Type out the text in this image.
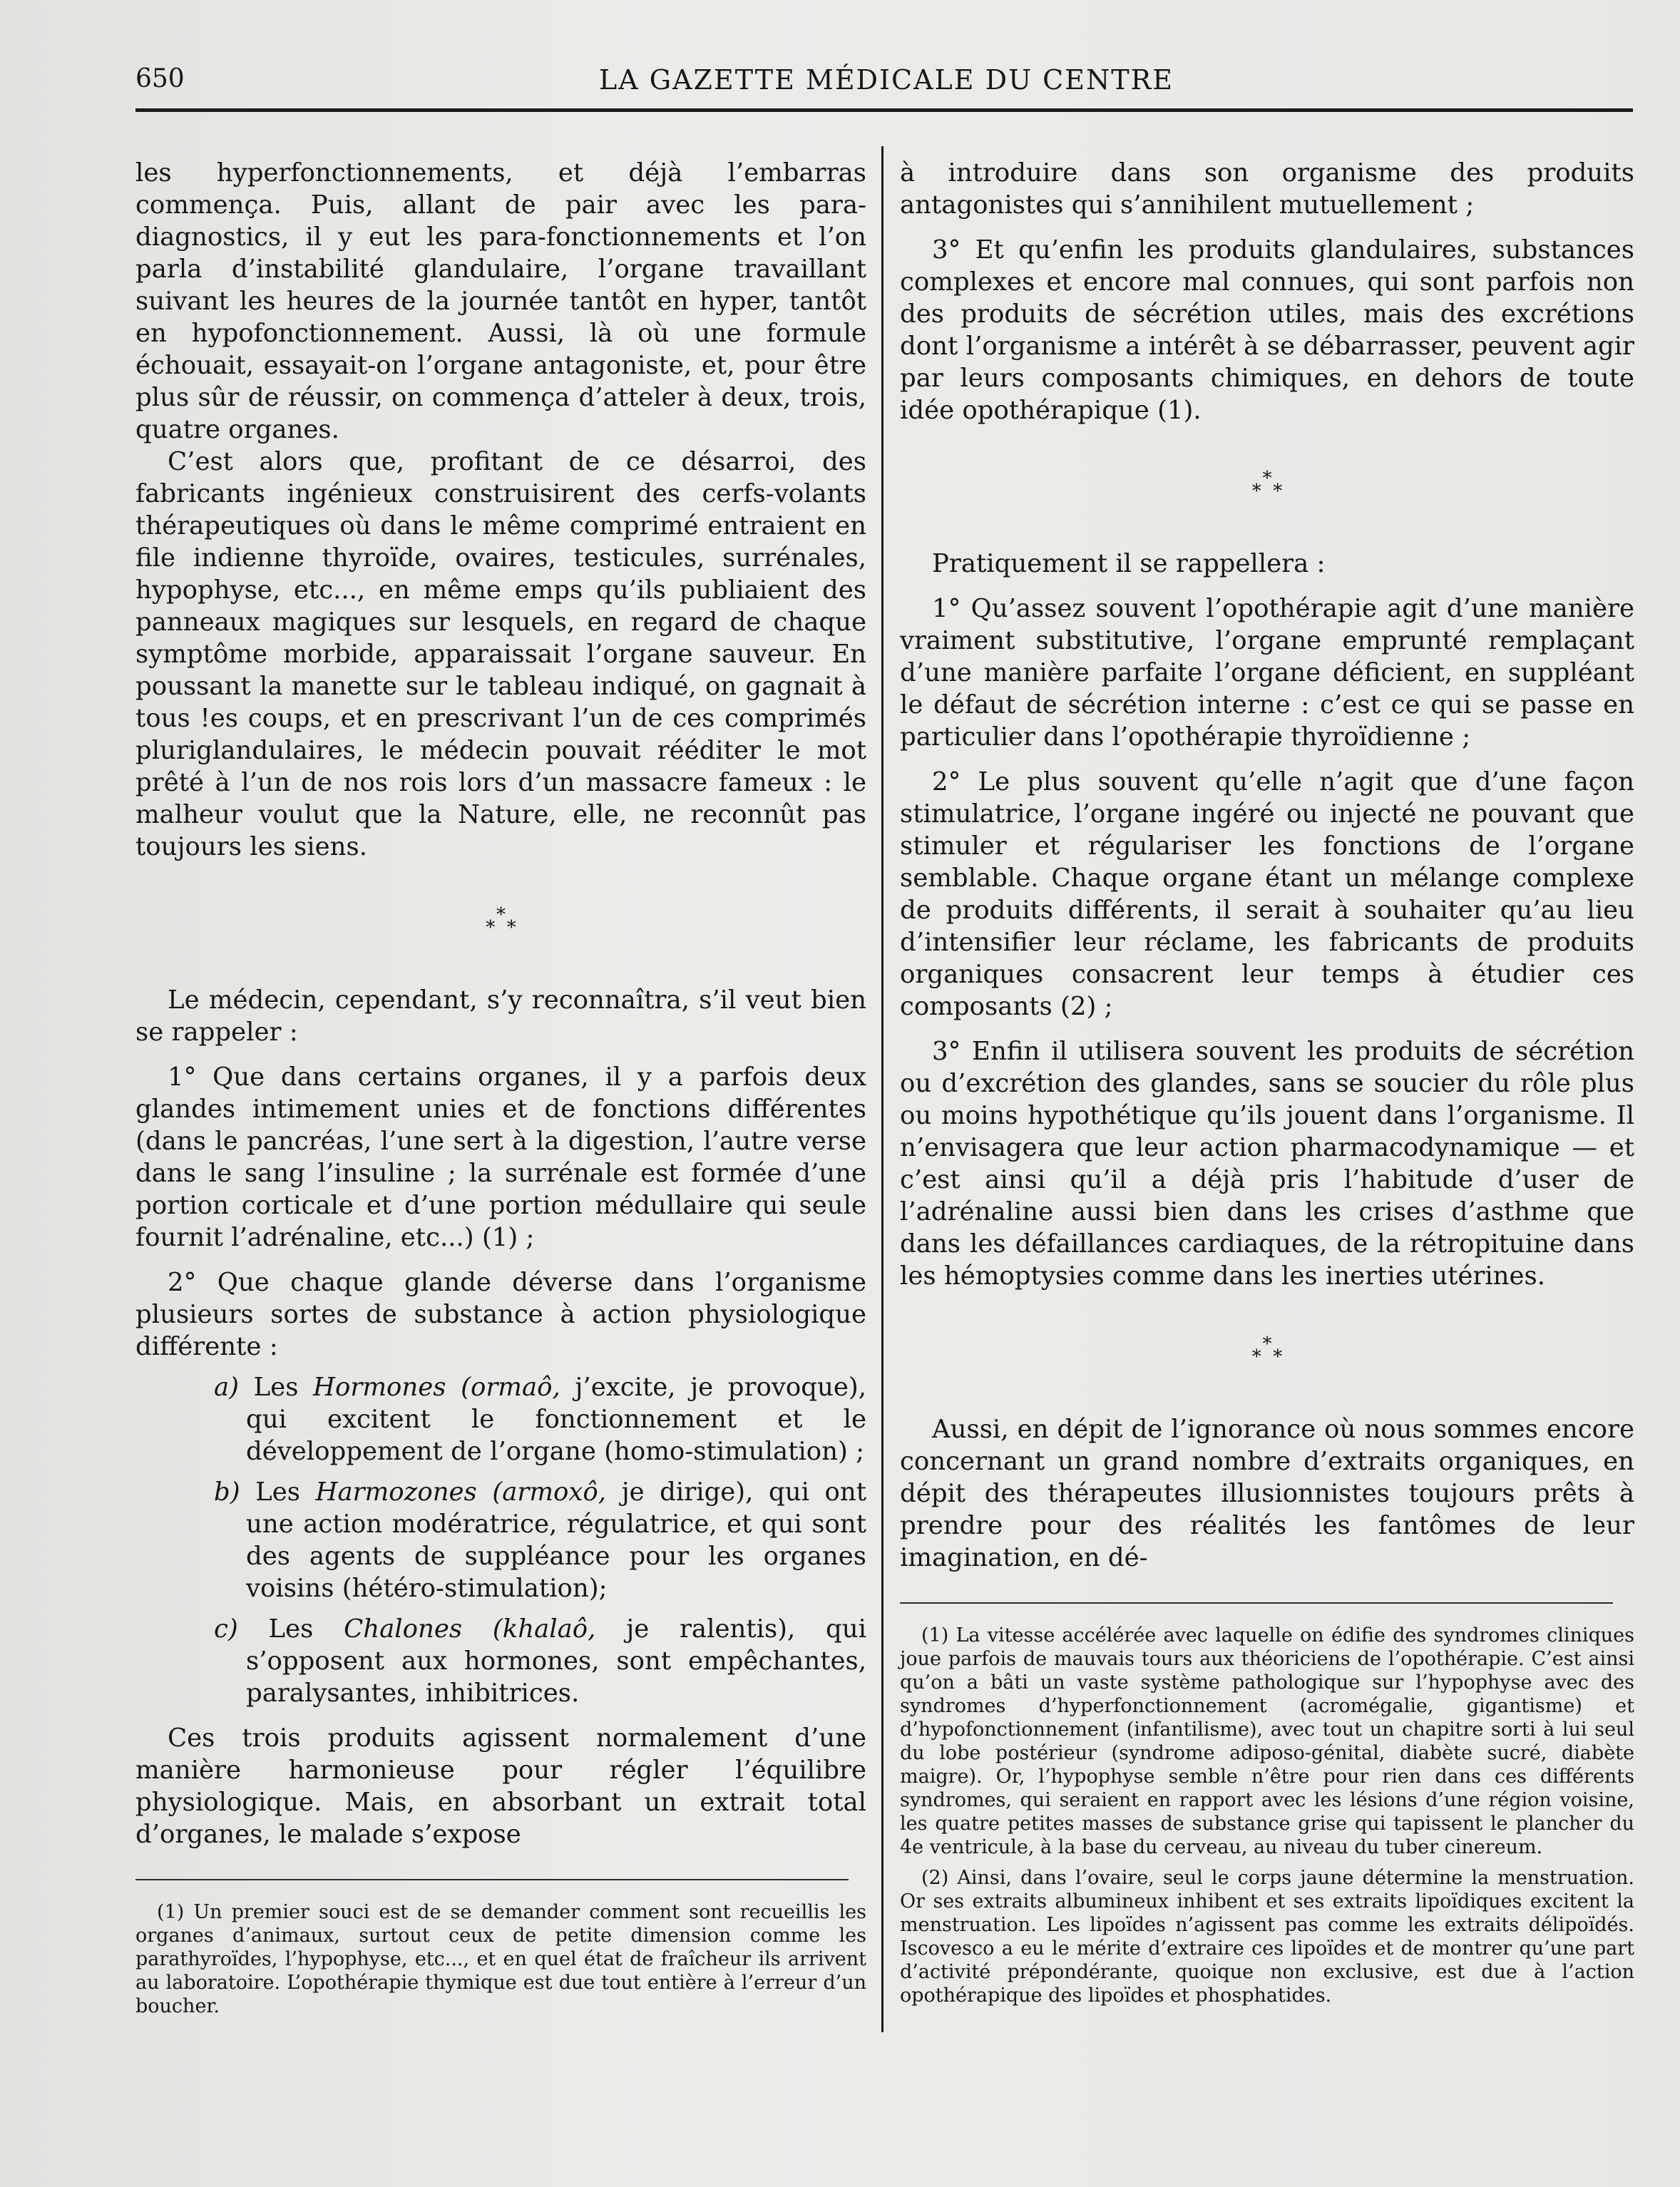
650	LA GAZETTE MÉDICALE DU CENTRE

les hyperfonctionnements, et déjà l’embarras commença. Puis, allant de pair avec les para-diagnostics, il y eut les para-fonctionnements et l’on parla d’instabilité glandulaire, l’organe travaillant suivant les heures de la journée tantôt en hyper, tantôt en hypofonctionnement. Aussi, là où une formule échouait, essayait-on l’organe antagoniste, et, pour être plus sûr de réussir, on commença d’atteler à deux, trois, quatre organes.

C’est alors que, profitant de ce désarroi, des fabricants ingénieux construisirent des cerfs-volants thérapeutiques où dans le même comprimé entraient en file indienne thyroïde, ovaires, testicules, surrénales, hypophyse, etc..., en même emps qu’ils publiaient des panneaux magiques sur lesquels, en regard de chaque symptôme morbide, apparaissait l’organe sauveur. En poussant la manette sur le tableau indiqué, on gagnait à tous !es coups, et en prescrivant l’un de ces comprimés pluriglandulaires, le médecin pouvait rééditer le mot prêté à l’un de nos rois lors d’un massacre fameux : le malheur voulut que la Nature, elle, ne reconnût pas toujours les siens.

*
* *

Le médecin, cependant, s’y reconnaîtra, s’il veut bien se rappeler :

1° Que dans certains organes, il y a parfois deux glandes intimement unies et de fonctions différentes (dans le pancréas, l’une sert à la digestion, l’autre verse dans le sang l’insuline ; la surrénale est formée d’une portion corticale et d’une portion médullaire qui seule fournit l’adrénaline, etc...) (1) ;

2° Que chaque glande déverse dans l’organisme plusieurs sortes de substance à action physiologique différente :

a) Les Hormones (ormaô, j’excite, je provoque), qui excitent le fonctionnement et le développement de l’organe (homo-stimulation) ;

b) Les Harmozones (armoxô, je dirige), qui ont une action modératrice, régulatrice, et qui sont des agents de suppléance pour les organes voisins (hétéro-stimulation);

c) Les Chalones (khalaô, je ralentis), qui s’opposent aux hormones, sont empêchantes, paralysantes, inhibitrices.

Ces trois produits agissent normalement d’une manière harmonieuse pour régler l’équilibre physiologique. Mais, en absorbant un extrait total d’organes, le malade s’expose

(1) Un premier souci est de se demander comment sont recueillis les organes d’animaux, surtout ceux de petite dimension comme les parathyroïdes, l’hypophyse, etc..., et en quel état de fraîcheur ils arrivent au laboratoire. L’opothérapie thymique est due tout entière à l’erreur d’un boucher.

à introduire dans son organisme des produits antagonistes qui s’annihilent mutuellement ;

3° Et qu’enfin les produits glandulaires, substances complexes et encore mal connues, qui sont parfois non des produits de sécrétion utiles, mais des excrétions dont l’organisme a intérêt à se débarrasser, peuvent agir par leurs composants chimiques, en dehors de toute idée opothérapique (1).

*
* *

Pratiquement il se rappellera :

1° Qu’assez souvent l’opothérapie agit d’une manière vraiment substitutive, l’organe emprunté remplaçant d’une manière parfaite l’organe déficient, en suppléant le défaut de sécrétion interne : c’est ce qui se passe en particulier dans l’opothérapie thyroïdienne ;

2° Le plus souvent qu’elle n’agit que d’une façon stimulatrice, l’organe ingéré ou injecté ne pouvant que stimuler et régulariser les fonctions de l’organe semblable. Chaque organe étant un mélange complexe de produits différents, il serait à souhaiter qu’au lieu d’intensifier leur réclame, les fabricants de produits organiques consacrent leur temps à étudier ces composants (2) ;

3° Enfin il utilisera souvent les produits de sécrétion ou d’excrétion des glandes, sans se soucier du rôle plus ou moins hypothétique qu’ils jouent dans l’organisme. Il n’envisagera que leur action pharmacodynamique — et c’est ainsi qu’il a déjà pris l’habitude d’user de l’adrénaline aussi bien dans les crises d’asthme que dans les défaillances cardiaques, de la rétropituine dans les hémoptysies comme dans les inerties utérines.

*
* *

Aussi, en dépit de l’ignorance où nous sommes encore concernant un grand nombre d’extraits organiques, en dépit des thérapeutes illusionnistes toujours prêts à prendre pour des réalités les fantômes de leur imagination, en dé-

(1) La vitesse accélérée avec laquelle on édifie des syndromes cliniques joue parfois de mauvais tours aux théoriciens de l’opothérapie. C’est ainsi qu’on a bâti un vaste système pathologique sur l’hypophyse avec des syndromes d’hyperfonctionnement (acromégalie, gigantisme) et d’hypofonctionnement (infantilisme), avec tout un chapitre sorti à lui seul du lobe postérieur (syndrome adiposo-génital, diabète sucré, diabète maigre). Or, l’hypophyse semble n’être pour rien dans ces différents syndromes, qui seraient en rapport avec les lésions d’une région voisine, les quatre petites masses de substance grise qui tapissent le plancher du 4e ventricule, à la base du cerveau, au niveau du tuber cinereum.

(2) Ainsi, dans l’ovaire, seul le corps jaune détermine la menstruation. Or ses extraits albumineux inhibent et ses extraits lipoïdiques excitent la menstruation. Les lipoïdes n’agissent pas comme les extraits délipoïdés. Iscovesco a eu le mérite d’extraire ces lipoïdes et de montrer qu’une part d’activité prépondérante, quoique non exclusive, est due à l’action opothérapique des lipoïdes et phosphatides.
